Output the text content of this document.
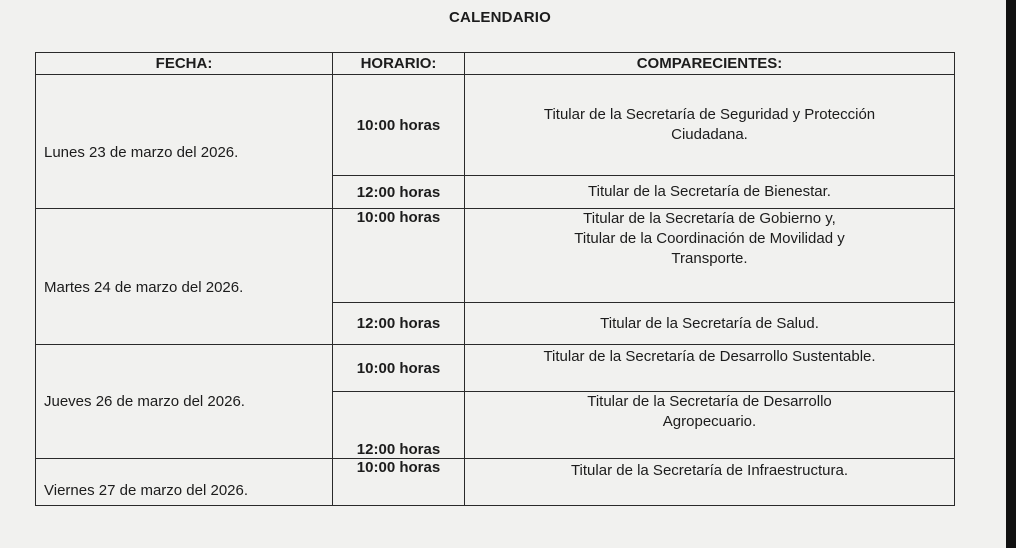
CALENDARIO
FECHA:	HORARIO:	COMPARECIENTES:
Lunes 23 de marzo del 2026.	10:00 horas	Titular de la Secretaría de Seguridad y Protección
Ciudadana.

	12:00 horas	Titular de la Secretaría de Bienestar.

Martes 24 de marzo del 2026.	10:00 horas	Titular de la Secretaría de Gobierno y,
Titular de la Coordinación de Movilidad y
Transporte.

	12:00 horas	Titular de la Secretaría de Salud.

Jueves 26 de marzo del 2026.	10:00 horas	Titular de la Secretaría de Desarrollo Sustentable.

	12:00 horas	Titular de la Secretaría de Desarrollo
Agropecuario.

Viernes 27 de marzo del 2026.	10:00 horas	Titular de la Secretaría de Infraestructura.
